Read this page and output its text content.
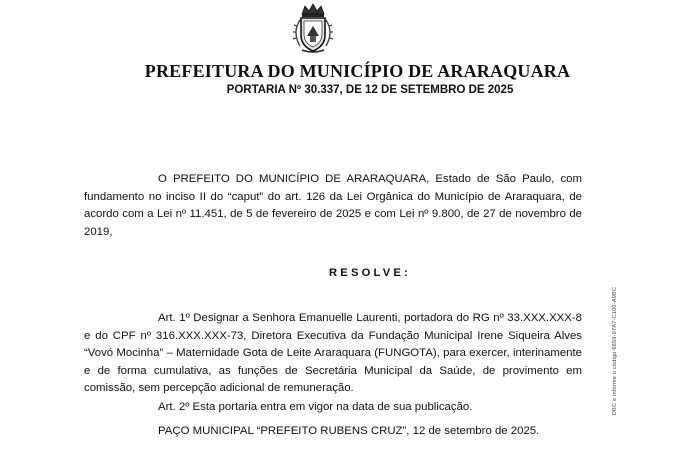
PREFEITURA DO MUNICÍPIO DE ARARAQUARA
PORTARIA Nº 30.337, DE 12 DE SETEMBRO DE 2025
O PREFEITO DO MUNICÍPIO DE ARARAQUARA, Estado de São Paulo, com fundamento no inciso II do “caput” do art. 126 da Lei Orgânica do Município de Araraquara, de acordo com a Lei nº 11.451, de 5 de fevereiro de 2025 e com Lei nº 9.800, de 27 de novembro de 2019,
RESOLVE:
Art. 1º Designar a Senhora Emanuelle Laurenti, portadora do RG nº 33.XXX.XXX-8 e do CPF nº 316.XXX.XXX-73, Diretora Executiva da Fundação Municipal Irene Siqueira Alves “Vovó Mocinha” – Maternidade Gota de Leite Araraquara (FUNGOTA), para exercer, interinamente e de forma cumulativa, as funções de Secretária Municipal da Saúde, de provimento em comissão, sem percepção adicional de remuneração.
Art. 2º Esta portaria entra em vigor na data de sua publicação.
PAÇO MUNICIPAL “PREFEITO RUBENS CRUZ”, 12 de setembro de 2025.
DBC e informe o código 6659-97A7-C100-A9BC
